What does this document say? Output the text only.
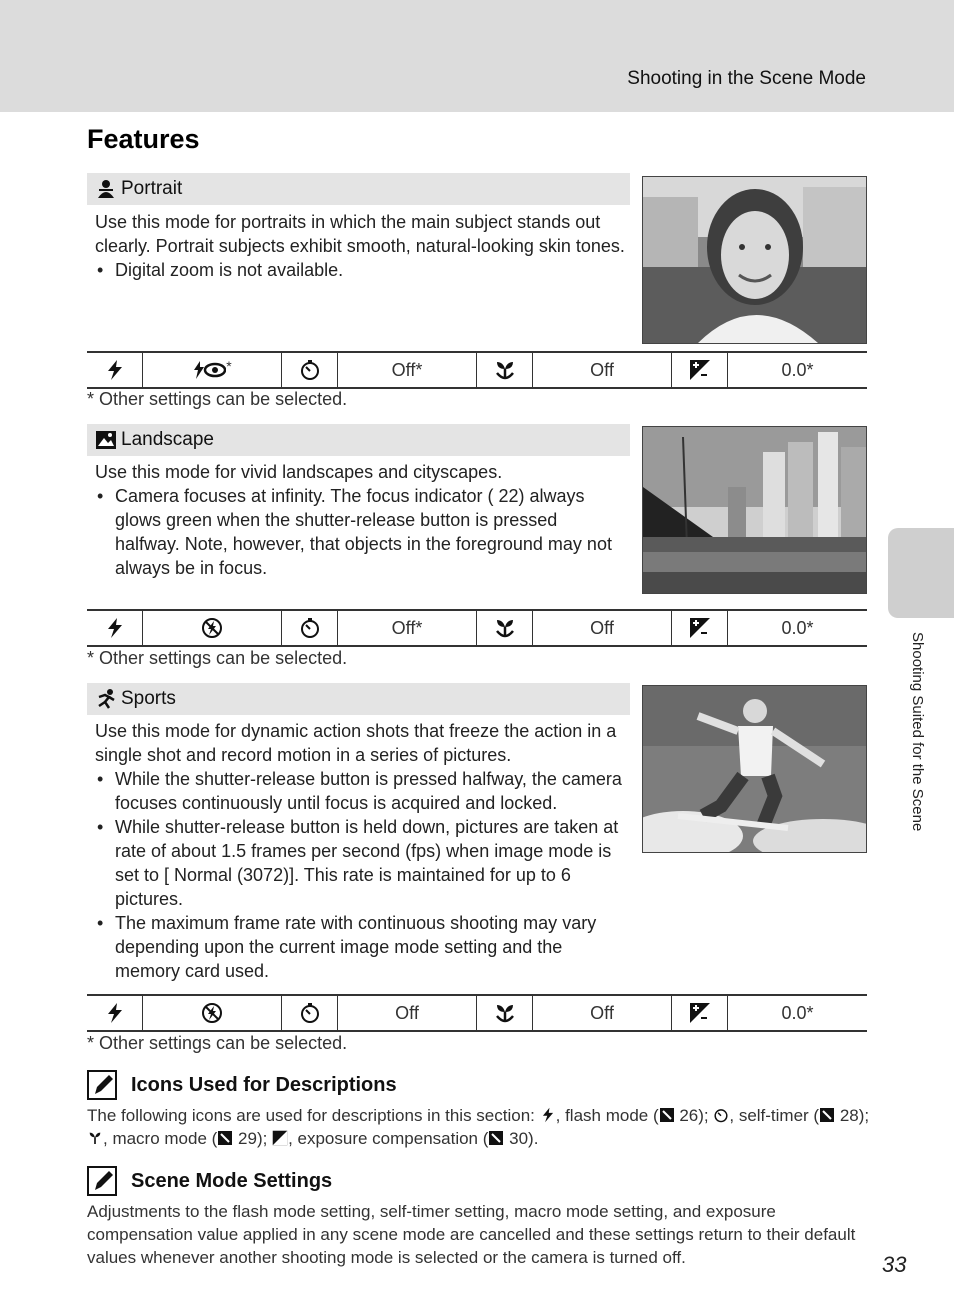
Shooting in the Scene Mode
Features
Shooting Suited for the Scene
Portrait

Use this mode for portraits in which the main subject stands out clearly. Portrait subjects exhibit smooth, natural-looking skin tones.

• Digital zoom is not available.
*	Off*	Off	0.0*
* Other settings can be selected.
Landscape

Use this mode for vivid landscapes and cityscapes.

• Camera focuses at infinity. The focus indicator ( 22) always glows green when the shutter-release button is pressed halfway. Note, however, that objects in the foreground may not always be in focus.
Off*	Off	0.0*
* Other settings can be selected.
Sports

Use this mode for dynamic action shots that freeze the action in a single shot and record motion in a series of pictures.

• While the shutter-release button is pressed halfway, the camera focuses continuously until focus is acquired and locked.
• While shutter-release button is held down, pictures are taken at rate of about 1.5 frames per second (fps) when image mode is set to [ Normal (3072)]. This rate is maintained for up to 6 pictures.
• The maximum frame rate with continuous shooting may vary depending upon the current image mode setting and the memory card used.
Off	Off	0.0*
* Other settings can be selected.
Icons Used for Descriptions
The following icons are used for descriptions in this section: , flash mode ( 26); , self-timer ( 28);
, macro mode ( 29); , exposure compensation ( 30).
Scene Mode Settings
Adjustments to the flash mode setting, self-timer setting, macro mode setting, and exposure compensation value applied in any scene mode are cancelled and these settings return to their default values whenever another shooting mode is selected or the camera is turned off.	33
